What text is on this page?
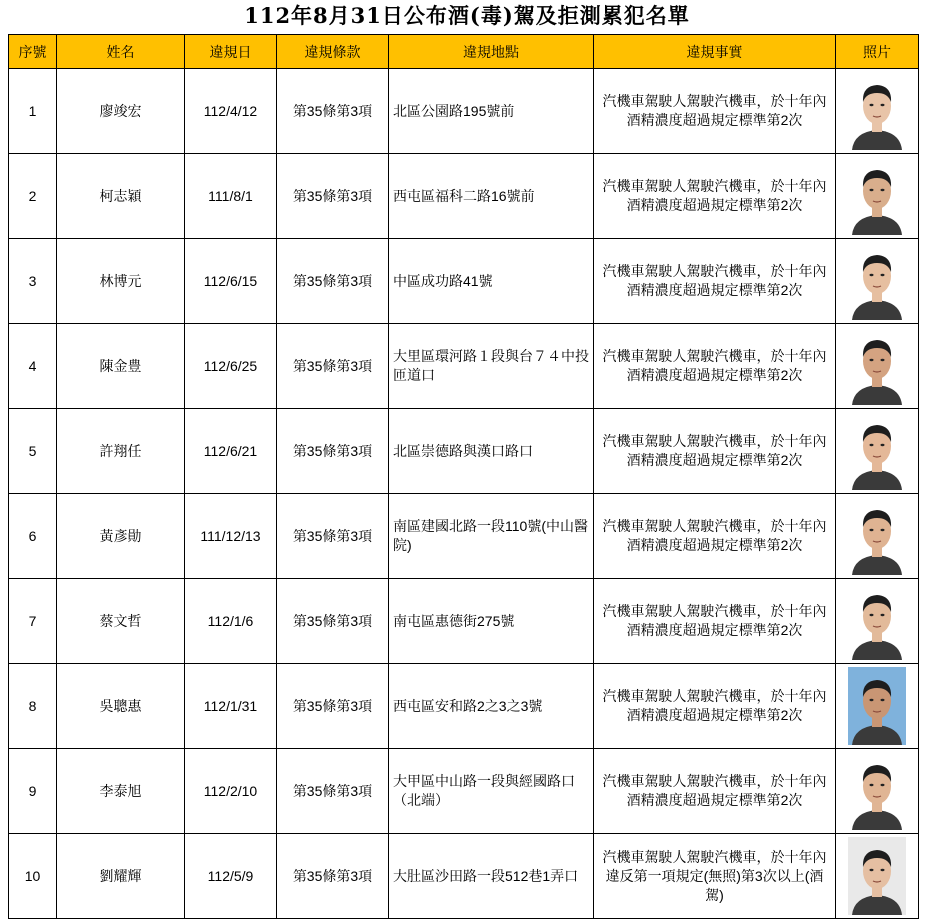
112年8月31日公布酒(毒)駕及拒測累犯名單
序號	姓名	違規日	違規條款	違規地點	違規事實	照片
1	廖竣宏	112/4/12	第35條第3項	北區公園路195號前	汽機車駕駛人駕駛汽機車，於十年內酒精濃度超過規定標準第2次	
2	柯志穎	111/8/1	第35條第3項	西屯區福科二路16號前	汽機車駕駛人駕駛汽機車，於十年內酒精濃度超過規定標準第2次	
3	林博元	112/6/15	第35條第3項	中區成功路41號	汽機車駕駛人駕駛汽機車，於十年內酒精濃度超過規定標準第2次	
4	陳金豊	112/6/25	第35條第3項	大里區環河路１段與台７４中投匝道口	汽機車駕駛人駕駛汽機車，於十年內酒精濃度超過規定標準第2次	
5	許翔任	112/6/21	第35條第3項	北區崇德路與漢口路口	汽機車駕駛人駕駛汽機車，於十年內酒精濃度超過規定標準第2次	
6	黃彥勛	111/12/13	第35條第3項	南區建國北路一段110號(中山醫院)	汽機車駕駛人駕駛汽機車，於十年內酒精濃度超過規定標準第2次	
7	蔡文哲	112/1/6	第35條第3項	南屯區惠德街275號	汽機車駕駛人駕駛汽機車，於十年內酒精濃度超過規定標準第2次	
8	吳聰惠	112/1/31	第35條第3項	西屯區安和路2之3之3號	汽機車駕駛人駕駛汽機車，於十年內酒精濃度超過規定標準第2次	
9	李泰旭	112/2/10	第35條第3項	大甲區中山路一段與經國路口（北端）	汽機車駕駛人駕駛汽機車，於十年內酒精濃度超過規定標準第2次	
10	劉耀輝	112/5/9	第35條第3項	大肚區沙田路一段512巷1弄口	汽機車駕駛人駕駛汽機車，於十年內違反第一項規定(無照)第3次以上(酒駕)	
